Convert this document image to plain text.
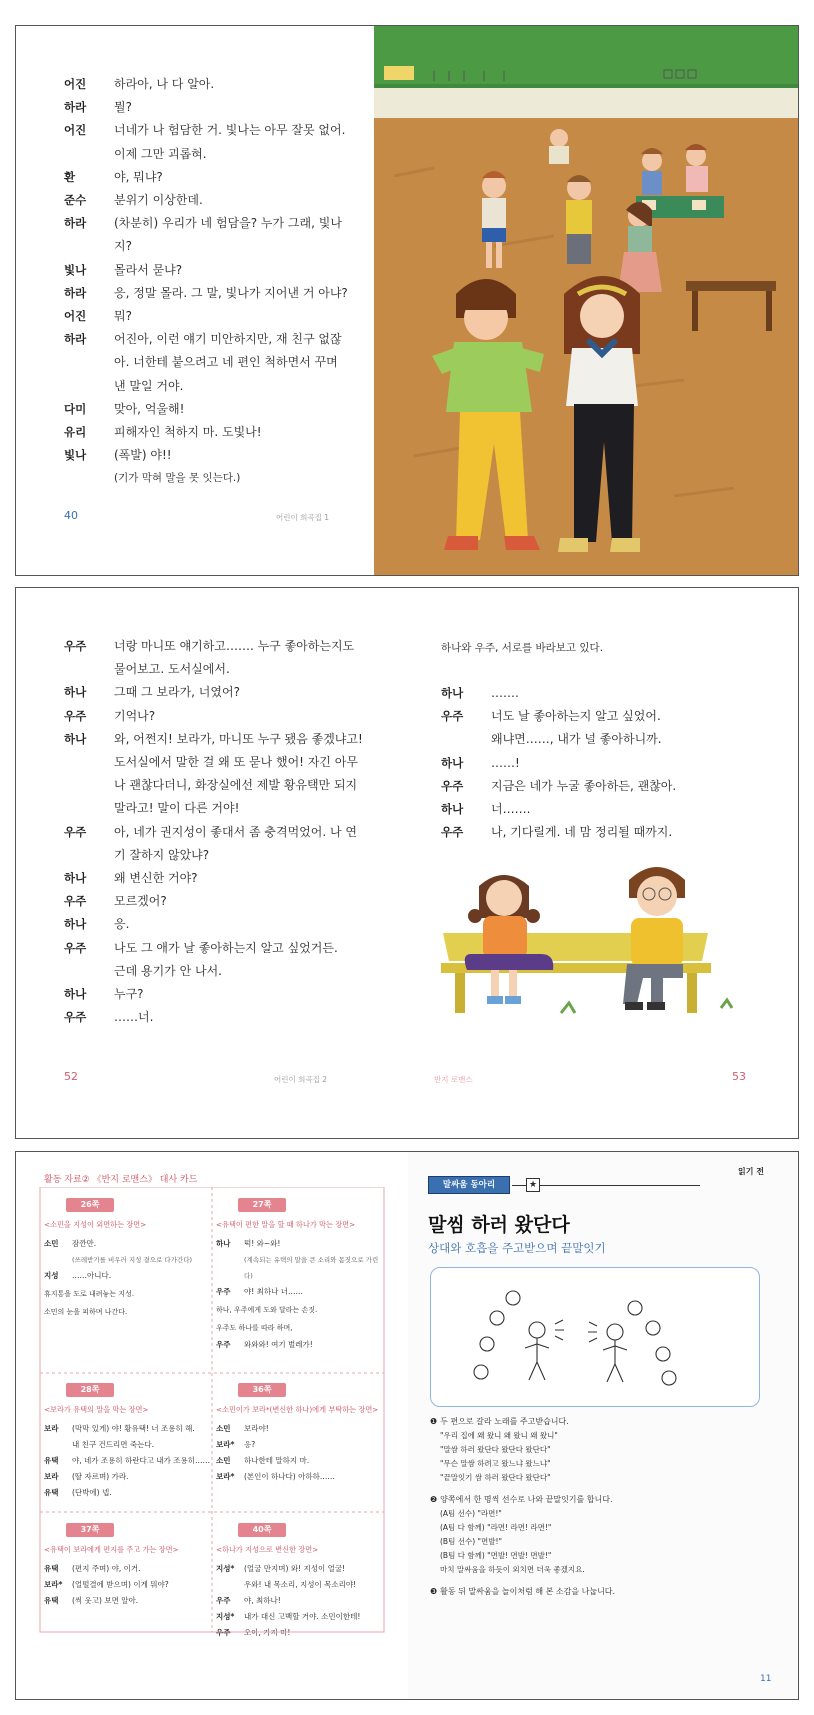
어진	하라아, 나 다 알아.
하라	뭘?
어진	너네가 나 험담한 거. 빛나는 아무 잘못 없어.
이제 그만 괴롭혀.
환	야, 뭐냐?
준수	분위기 이상한데.
하라	(차분히) 우리가 네 험담을? 누가 그래, 빛나
지?
빛나	몰라서 묻냐?
하라	응, 정말 몰라. 그 말, 빛나가 지어낸 거 아냐?
어진	뭐?
하라	어진아, 이런 얘기 미안하지만, 재 친구 없잖
아. 너한테 붙으려고 네 편인 척하면서 꾸며
낸 말일 거야.
다미	맞아, 억울해!
유리	피해자인 척하지 마. 도빛나!
빛나	(폭발) 야!!
(기가 막혀 말을 못 잇는다.)
40	어린이 희곡집 1
우주	너랑 마니또 얘기하고……. 누구 좋아하는지도
물어보고. 도서실에서.
하나	그때 그 보라가, 너였어?
우주	기억나?
하나	와, 어쩐지! 보라가, 마니또 누구 됐음 좋겠냐고!
도서실에서 말한 걸 왜 또 묻나 했어! 자긴 아무
나 괜찮다더니, 화장실에선 제발 황유택만 되지
말라고! 말이 다른 거야!
우주	아, 네가 권지성이 좋대서 좀 충격먹었어. 나 연
기 잘하지 않았냐?
하나	왜 변신한 거야?
우주	모르겠어?
하나	응.
우주	나도 그 애가 날 좋아하는지 알고 싶었거든.
근데 용기가 안 나서.
하나	누구?
우주	……너.
하나와 우주, 서로를 바라보고 있다.
하나	…….
우주	너도 날 좋아하는지 알고 싶었어.
왜냐면……, 내가 널 좋아하니까.
하나	……!
우주	지금은 네가 누굴 좋아하든, 괜찮아.
하나	너…….
우주	나, 기다릴게. 네 맘 정리될 때까지.
52	어린이 희곡집 2	반지 로맨스	53
활동 자료② 《반지 로맨스》 대사 카드
26쪽
<소민을 지성이 외면하는 장면>
소민	잠깐만.
(쓰레받기를 비우러 지성 곁으로 다가간다)
지성	……아니다.
휴지통을 도로 내려놓는 지성.
소민의 눈을 피하며 나간다.
27쪽
<유택이 편한 말을 할 때 하나가 막는 장면>
하나	떡! 와~와!
(계속되는 유택의 말을 큰 소리와 몸짓으로 가린
다)
우주	야! 최하나 너……
하나, 우주에게 도와 달라는 손짓.
우주도 하나를 따라 하며,
우주	와와와! 여기 벌레가!
28쪽
<보라가 유택의 말을 막는 장면>
보라	(막막 있게) 야! 황유택! 너 조용히 해.
내 친구 건드리면 죽는다.
유택	야, 네가 조용히 하란다고 내가 조용히……
보라	(딸 자르며) 가라.
유택	(단박에) 넵.
36쪽
<소민이가 보라*(변신한 하나)에게 부탁하는 장면>
소민	보라야!
보라*	응?
소민	하나한테 말하지 마.
보라*	(본인이 하나다) 아하하……
37쪽
<유택이 보라에게 편지를 주고 가는 장면>
유택	(편지 주며) 야, 이거.
보라*	(얼떨결에 받으며) 이게 뭐야?
유택	(씩 웃고) 보면 알아.
40쪽
<하나가 지성으로 변신한 장면>
지성*	(얼굴 만지며) 와! 지성이 얼굴!
우와! 내 목소리, 지성이 목소리야!
우주	야, 최하나!
지성*	내가 대신 고백할 거야. 소민이한테!
우주	오아, 가지 마!
말싸움 동아리	★
읽기 전
말씸 하러 왔단다
상대와 호흡을 주고받으며 끝말잇기
❶ 두 편으로 갈라 노래를 주고받습니다.
"우리 집에 왜 왔니 왜 왔니 왜 왔니"
"말쌈 하러 왔단다 왔단다 왔단다"
"무슨 말쌈 하려고 왔느냐 왔느냐"
"끝말잇기 쌈 하러 왔단다 왔단다"
❷ 양쪽에서 한 명씩 선수로 나와 끝말잇기를 합니다.
(A팀 선수) "라면!"
(A팀 다 함께) "라면! 라면! 라면!"
(B팀 선수) "면발!"
(B팀 다 함께) "면발! 면발! 면발!"
마치 말싸움을 하듯이 외치면 더욱 좋겠지요.
❸ 활동 뒤 말싸움을 놀이처럼 해 본 소감을 나눕니다.
11
